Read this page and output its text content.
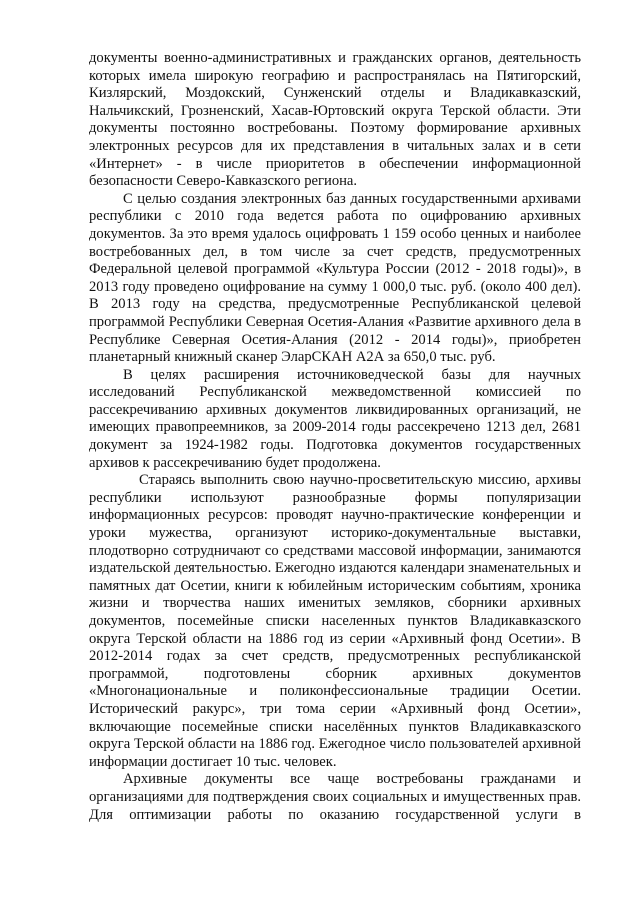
документы военно-административных и гражданских органов, деятельность которых имела широкую географию и распространялась на Пятигорский, Кизлярский, Моздокский, Сунженский отделы и Владикавказский, Нальчикский, Грозненский, Хасав-Юртовский округа Терской области. Эти документы постоянно востребованы. Поэтому формирование архивных электронных ресурсов для их представления в читальных залах и в сети «Интернет» - в числе приоритетов в обеспечении информационной безопасности Северо-Кавказского региона.

С целью создания электронных баз данных государственными архивами республики с 2010 года ведется работа по оцифрованию архивных документов. За это время удалось оцифровать 1 159 особо ценных и наиболее востребованных дел, в том числе за счет средств, предусмотренных Федеральной целевой программой «Культура России (2012 - 2018 годы)», в 2013 году проведено оцифрование на сумму 1 000,0 тыс. руб. (около 400 дел). В 2013 году на средства, предусмотренные Республиканской целевой программой Республики Северная Осетия-Алания «Развитие архивного дела в Республике Северная Осетия-Алания (2012 - 2014 годы)», приобретен планетарный книжный сканер ЭларСКАН А2А за 650,0 тыс. руб.

В целях расширения источниковедческой базы для научных исследований Республиканской межведомственной комиссией по рассекречиванию архивных документов ликвидированных организаций, не имеющих правопреемников, за 2009-2014 годы рассекречено 1213 дел, 2681 документ за 1924-1982 годы. Подготовка документов государственных архивов к рассекречиванию будет продолжена.

Стараясь выполнить свою научно-просветительскую миссию, архивы республики используют разнообразные формы популяризации информационных ресурсов: проводят научно-практические конференции и уроки мужества, организуют историко-документальные выставки, плодотворно сотрудничают со средствами массовой информации, занимаются издательской деятельностью. Ежегодно издаются календари знаменательных и памятных дат Осетии, книги к юбилейным историческим событиям, хроника жизни и творчества наших именитых земляков, сборники архивных документов, посемейные списки населенных пунктов Владикавказского округа Терской области на 1886 год из серии «Архивный фонд Осетии». В 2012-2014 годах за счет средств, предусмотренных республиканской программой, подготовлены сборник архивных документов «Многонациональные и поликонфессиональные традиции Осетии. Исторический ракурс», три тома серии «Архивный фонд Осетии», включающие посемейные списки населённых пунктов Владикавказского округа Терской области на 1886 год. Ежегодное число пользователей архивной информации достигает 10 тыс. человек.

Архивные документы все чаще востребованы гражданами и организациями для подтверждения своих социальных и имущественных прав. Для оптимизации работы по оказанию государственной услуги в
